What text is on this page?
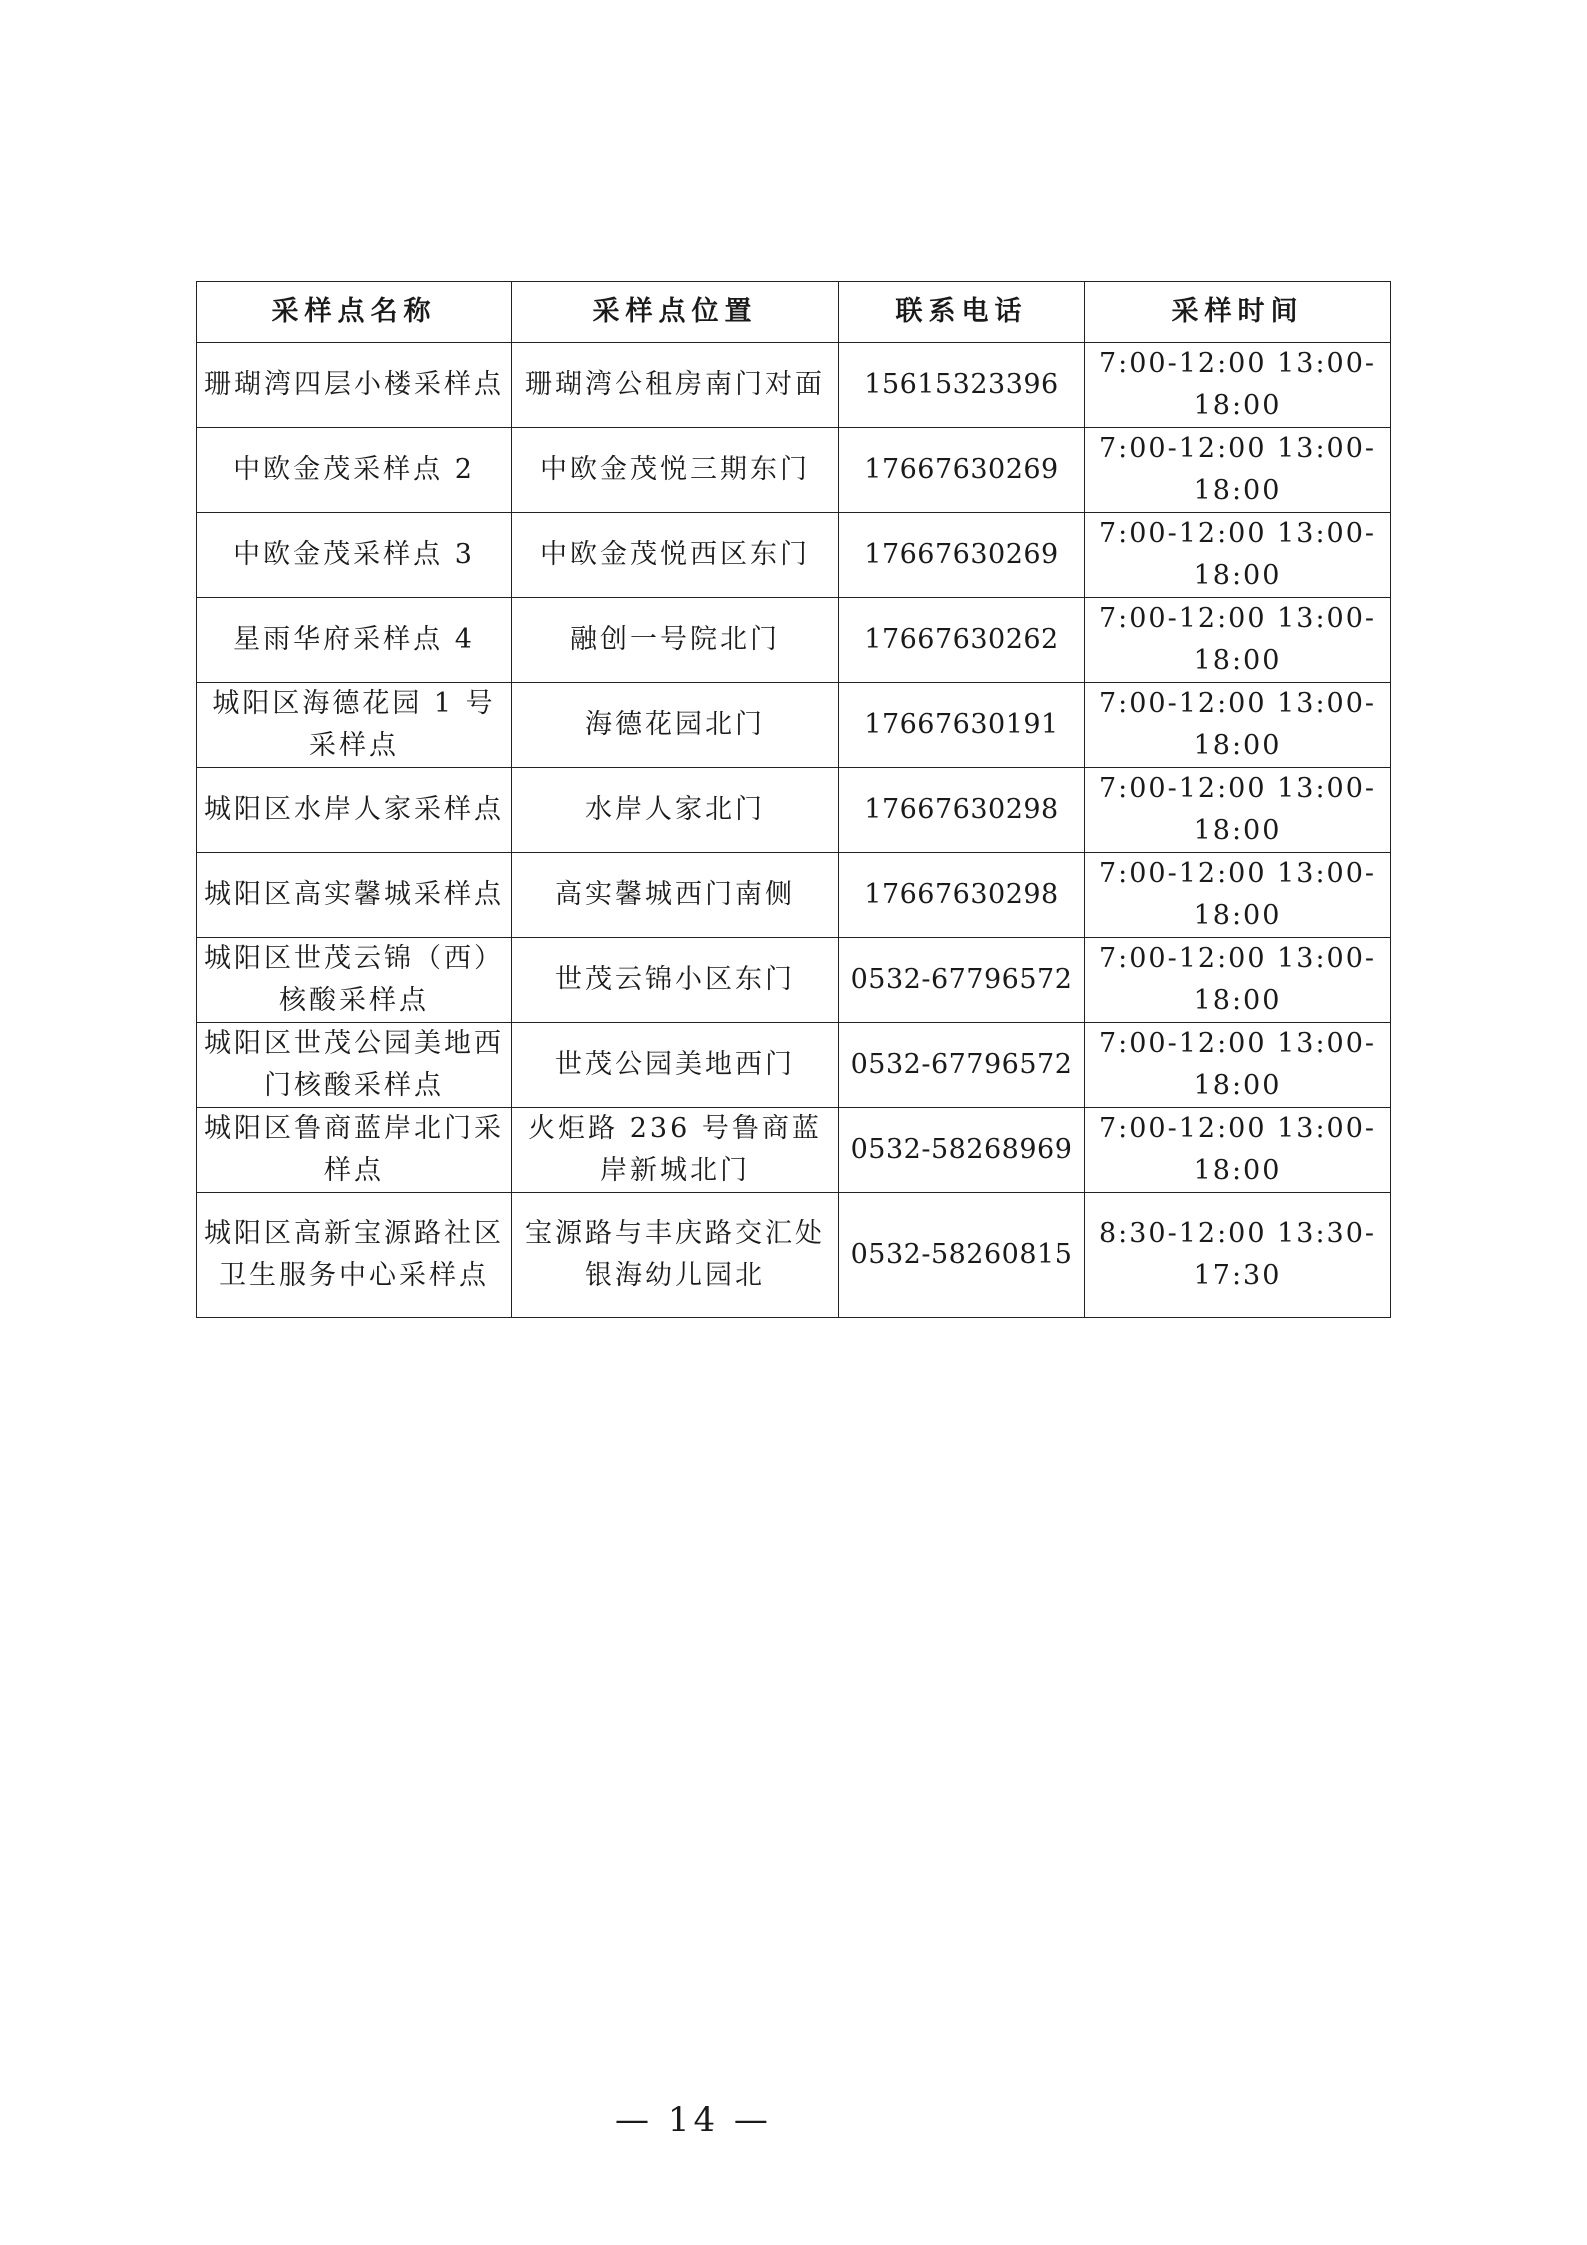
采样点名称	采样点位置	联系电话	采样时间
珊瑚湾四层小楼采样点	珊瑚湾公租房南门对面	15615323396	7:00-12:00 13:00-18:00
中欧金茂采样点 2	中欧金茂悦三期东门	17667630269	7:00-12:00 13:00-18:00
中欧金茂采样点 3	中欧金茂悦西区东门	17667630269	7:00-12:00 13:00-18:00
星雨华府采样点 4	融创一号院北门	17667630262	7:00-12:00 13:00-18:00
城阳区海德花园 1 号采样点	海德花园北门	17667630191	7:00-12:00 13:00-18:00
城阳区水岸人家采样点	水岸人家北门	17667630298	7:00-12:00 13:00-18:00
城阳区高实馨城采样点	高实馨城西门南侧	17667630298	7:00-12:00 13:00-18:00
城阳区世茂云锦（西）核酸采样点	世茂云锦小区东门	0532-67796572	7:00-12:00 13:00-18:00
城阳区世茂公园美地西门核酸采样点	世茂公园美地西门	0532-67796572	7:00-12:00 13:00-18:00
城阳区鲁商蓝岸北门采样点	火炬路 236 号鲁商蓝岸新城北门	0532-58268969	7:00-12:00 13:00-18:00
城阳区高新宝源路社区卫生服务中心采样点	宝源路与丰庆路交汇处银海幼儿园北	0532-58260815	8:30-12:00 13:30-17:30
— 14 —
